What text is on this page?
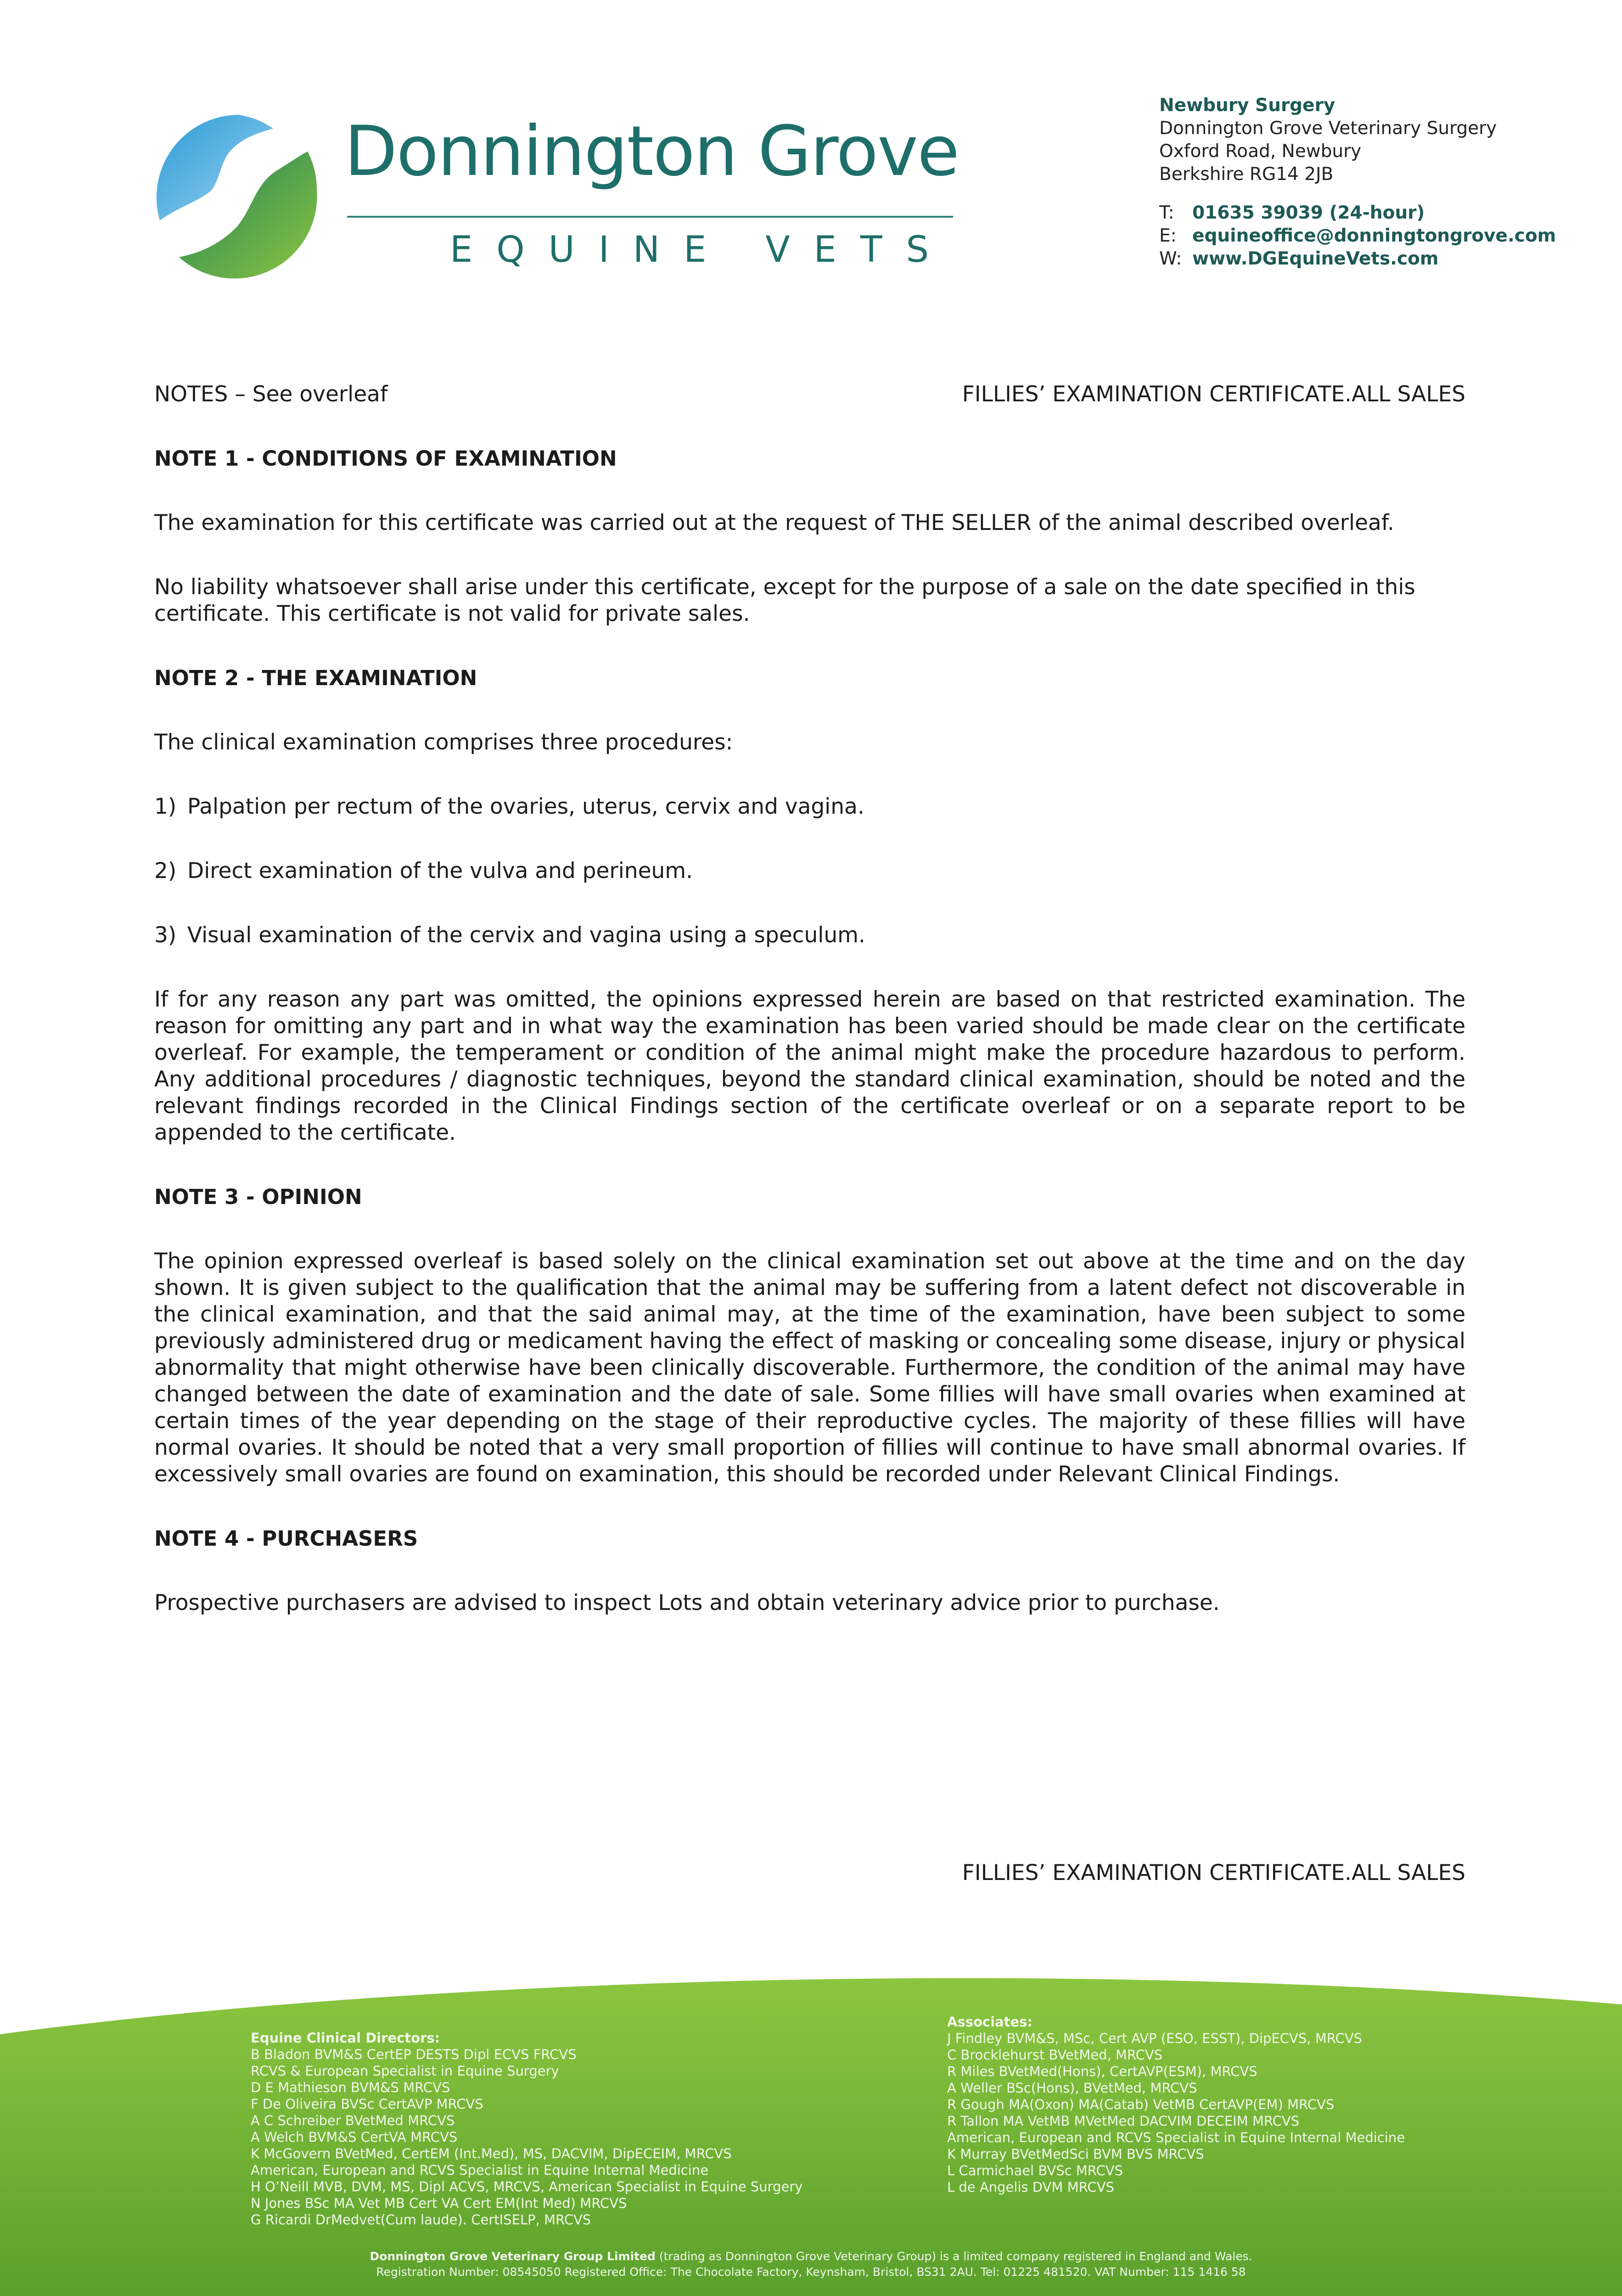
Donnington Grove
EQUINE VETS
Newbury Surgery
Donnington Grove Veterinary Surgery
Oxford Road, Newbury
Berkshire RG14 2JB
T: 01635 39039 (24-hour)
E: equineoffice@donningtongrove.com
W: www.DGEquineVets.com
NOTES – See overleaf	FILLIES’ EXAMINATION CERTIFICATE.ALL SALES
NOTE 1 - CONDITIONS OF EXAMINATION
The examination for this certificate was carried out at the request of THE SELLER of the animal described overleaf.
No liability whatsoever shall arise under this certificate, except for the purpose of a sale on the date specified in this certificate. This certificate is not valid for private sales.
NOTE 2 - THE EXAMINATION
The clinical examination comprises three procedures:
1) Palpation per rectum of the ovaries, uterus, cervix and vagina.
2) Direct examination of the vulva and perineum.
3) Visual examination of the cervix and vagina using a speculum.
If for any reason any part was omitted, the opinions expressed herein are based on that restricted examination. The reason for omitting any part and in what way the examination has been varied should be made clear on the certificate overleaf. For example, the temperament or condition of the animal might make the procedure hazardous to perform. Any additional procedures / diagnostic techniques, beyond the standard clinical examination, should be noted and the relevant findings recorded in the Clinical Findings section of the certificate overleaf or on a separate report to be appended to the certificate.
NOTE 3 - OPINION
The opinion expressed overleaf is based solely on the clinical examination set out above at the time and on the day shown. It is given subject to the qualification that the animal may be suffering from a latent defect not discoverable in the clinical examination, and that the said animal may, at the time of the examination, have been subject to some previously administered drug or medicament having the effect of masking or concealing some disease, injury or physical abnormality that might otherwise have been clinically discoverable. Furthermore, the condition of the animal may have changed between the date of examination and the date of sale. Some fillies will have small ovaries when examined at certain times of the year depending on the stage of their reproductive cycles. The majority of these fillies will have normal ovaries. It should be noted that a very small proportion of fillies will continue to have small abnormal ovaries. If excessively small ovaries are found on examination, this should be recorded under Relevant Clinical Findings.
NOTE 4 - PURCHASERS
Prospective purchasers are advised to inspect Lots and obtain veterinary advice prior to purchase.
FILLIES’ EXAMINATION CERTIFICATE.ALL SALES
Equine Clinical Directors:
B Bladon BVM&S CertEP DESTS Dipl ECVS FRCVS
RCVS & European Specialist in Equine Surgery
D E Mathieson BVM&S MRCVS
F De Oliveira BVSc CertAVP MRCVS
A C Schreiber BVetMed MRCVS
A Welch BVM&S CertVA MRCVS
K McGovern BVetMed, CertEM (Int.Med), MS, DACVIM, DipECEIM, MRCVS
American, European and RCVS Specialist in Equine Internal Medicine
H O’Neill MVB, DVM, MS, Dipl ACVS, MRCVS, American Specialist in Equine Surgery
N Jones BSc MA Vet MB Cert VA Cert EM(Int Med) MRCVS
G Ricardi DrMedvet(Cum laude). CertISELP, MRCVS
Associates:
J Findley BVM&S, MSc, Cert AVP (ESO, ESST), DipECVS, MRCVS
C Brocklehurst BVetMed, MRCVS
R Miles BVetMed(Hons), CertAVP(ESM), MRCVS
A Weller BSc(Hons), BVetMed, MRCVS
R Gough MA(Oxon) MA(Catab) VetMB CertAVP(EM) MRCVS
R Tallon MA VetMB MVetMed DACVIM DECEIM MRCVS
American, European and RCVS Specialist in Equine Internal Medicine
K Murray BVetMedSci BVM BVS MRCVS
L Carmichael BVSc MRCVS
L de Angelis DVM MRCVS
Donnington Grove Veterinary Group Limited (trading as Donnington Grove Veterinary Group) is a limited company registered in England and Wales.
Registration Number: 08545050 Registered Office: The Chocolate Factory, Keynsham, Bristol, BS31 2AU. Tel: 01225 481520. VAT Number: 115 1416 58
